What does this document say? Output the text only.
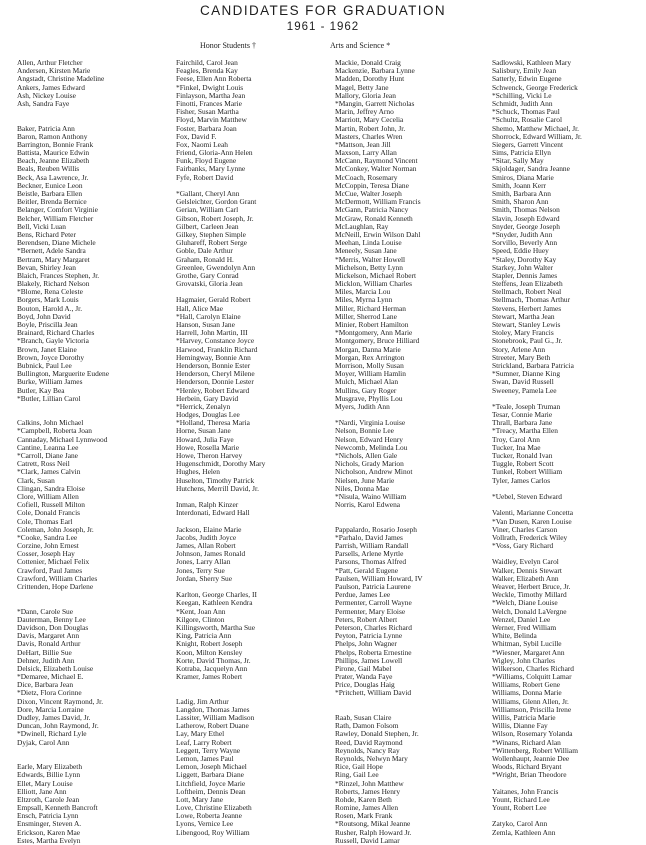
CANDIDATES FOR GRADUATION
1961 - 1962
Honor Students †	Arts and Science *
Allen, Arthur Fletcher
Andersen, Kirsten Marie
Angstadt, Christine Madeline
Ankers, James Edward
Ash, Nickey Louise
Ash, Sandra Faye
Baker, Patricia Ann
Baron, Ramon Anthony
Barrington, Bonnie Frank
Battista, Maurice Edwin
Beach, Jeanne Elizabeth
Beals, Reuben Willis
Beck, Asa Lawrence, Jr.
Beckner, Eunice Leon
Beistle, Barbara Ellen
Beitler, Brenda Bernice
Belanger, Comfort Virginie
Belcher, William Fletcher
Bell, Vicki Luan
Bens, Richard Peter
Berendsen, Diane Michele
*Bernett, Adele Sandra
Bertram, Mary Margaret
Bevan, Shirley Jean
Blaich, Frances Stephen, Jr.
Blakely, Richard Nelson
*Blome, Rena Celeste
Borgers, Mark Louis
Bouton, Harold A., Jr.
Boyd, John David
Boyle, Priscilla Jean
Brainard, Richard Charles
*Branch, Gayle Victoria
Brown, Janet Elaine
Brown, Joyce Dorothy
Bubnick, Paul Lee
Bullington, Marguerite Eudene
Burke, William James
Butler, Kay Bea
*Butler, Lillian Carol
Calkins, John Michael
*Campbell, Roberta Joan
Cannaday, Michael Lynnwood
Cantine, Leanna Lee
*Carroll, Diane Jane
Catrett, Ross Neil
*Clark, James Calvin
Clark, Susan
Clingan, Sandra Eloise
Clore, William Allen
Cofiell, Russell Milton
Cole, Donald Francis
Cole, Thomas Earl
Coleman, John Joseph, Jr.
*Cooke, Sandra Lee
Corzine, John Ernest
Cosser, Joseph Hay
Cottenier, Michael Felix
Crawford, Paul James
Crawford, William Charles
Crittenden, Hope Darlene
*Dann, Carole Sue
Dauterman, Benny Lee
Davidson, Don Douglas
Davis, Margaret Ann
Davis, Ronald Arthur
DeHart, Billie Sue
Dehner, Judith Ann
Delsick, Elizabeth Louise
*Demaree, Michael E.
Dice, Barbara Jean
*Dietz, Flora Corinne
Dixon, Vincent Raymond, Jr.
Dore, Marcia Lorraine
Dudley, James David, Jr.
Duncan, John Raymond, Jr.
*Dwinell, Richard Lyle
Dyjak, Carol Ann
Earle, Mary Elizabeth
Edwards, Billie Lynn
Ellet, Mary Louise
Elliott, Jane Ann
Eltzroth, Carole Jean
Empsall, Kenneth Bancroft
Ensch, Patricia Lynn
Ensminger, Steven A.
Erickson, Karen Mae
Estes, Martha Evelyn
Fairchild, Carol Jean
Feagles, Brenda Kay
Feese, Ellen Ann Roberta
*Finkel, Dwight Louis
Finlayson, Martha Jean
Finotti, Frances Marie
Fisher, Susan Martha
Floyd, Marvin Matthew
Foster, Barbara Joan
Fox, David F.
Fox, Naomi Leah
Friend, Gloria-Ann Helen
Funk, Floyd Eugene
Fairbanks, Mary Lynne
Fyfe, Robert David
*Gallant, Cheryl Ann
Gelsleichter, Gordon Grant
Gerian, William Carl
Gibson, Robert Joseph, Jr.
Gilbert, Carleen Jean
Gilkey, Stephen Simple
Gluhareff, Robert Serge
Goble, Dale Arthur
Graham, Ronald H.
Greenlee, Gwendolyn Ann
Grothe, Gary Conrad
Grovatski, Gloria Jean
Hagmaier, Gerald Robert
Hall, Alice Mae
*Hall, Carolyn Elaine
Hanson, Susan Jane
Harrell, John Martin, III
*Harvey, Constance Joyce
Harwood, Franklin Richard
Hemingway, Bonnie Ann
Henderson, Bonnie Ester
Henderson, Cheryl Milene
Henderson, Donnie Lester
*Henley, Robert Edward
Herbein, Gary David
*Herrick, Zenalyn
Hodges, Douglas Lee
*Holland, Theresa Maria
Horne, Susan Jane
Howard, Julia Faye
Howe, Rosella Marie
Howe, Theron Harvey
Hugenschmidt, Dorothy Mary
Hughes, Helen
Huselton, Timothy Patrick
Hutchens, Merrill David, Jr.
Inman, Ralph Kinzer
Interdonati, Edward Hall
Jackson, Elaine Marie
Jacobs, Judith Joyce
James, Allan Robert
Johnson, James Ronald
Jones, Larry Allan
Jones, Terry Sue
Jordan, Sherry Sue
Karlton, George Charles, II
Keegan, Kathleen Kendra
*Kent, Joan Ann
Kilgore, Clinton
Killingsworth, Martha Sue
King, Patricia Ann
Knight, Robert Joseph
Koon, Milton Kensley
Korte, David Thomas, Jr.
Kotraba, Jacquelyn Ann
Kramer, James Robert
Ladig, Jim Arthur
Langdon, Thomas James
Lassiter, William Madison
Latherow, Robert Duane
Lay, Mary Ethel
Leaf, Larry Robert
Leggett, Terry Wayne
Lemon, James Paul
Lemon, Joseph Michael
Liggett, Barbara Diane
Litchfield, Joyce Marie
Loftheim, Dennis Dean
Lott, Mary Jane
Love, Christine Elizabeth
Lowe, Roberta Jeanne
Lyons, Vernice Lee
Libengood, Roy William
Mackie, Donald Craig
Mackenzie, Barbara Lynne
Madden, Dorothy Hunt
Magel, Betty Jane
Mallory, Gloria Jean
*Mangin, Garrett Nicholas
Marin, Jeffrey Arno
Marriott, Mary Cecelia
Martin, Robert John, Jr.
Masters, Charles Wren
*Mattson, Jean Jill
Maxson, Larry Allan
McCann, Raymond Vincent
McConkey, Walter Norman
McCoach, Rosemary
McCoppin, Teresa Diane
McCue, Walter Joseph
McDermott, William Francis
McGann, Patricia Nancy
McGraw, Ronald Kenneth
McLaughlan, Ray
McNeill, Erwin Wilson Dahl
Meehan, Linda Louise
Meneely, Susan Jane
*Merris, Walter Howell
Michelson, Betty Lynn
Mickelson, Michael Robert
Micklon, William Charles
Miles, Marcia Lou
Miles, Myrna Lynn
Miller, Richard Herman
Miller, Sherrod Lane
Minier, Robert Hamilton
*Montgomery, Ann Marie
Montgomery, Bruce Hilliard
Morgan, Danna Marie
Morgan, Rex Arrington
Morrison, Molly Susan
Moyer, William Hamlin
Mulch, Michael Alan
Mullins, Gary Roger
Musgrave, Phyllis Lou
Myers, Judith Ann
*Nardi, Virginia Louise
Nelson, Bonnie Lee
Nelson, Edward Henry
Newcomb, Melinda Lou
*Nichols, Allen Gale
Nichols, Grady Marion
Nicholson, Andrew Minot
Nielsen, June Marie
Niles, Donna Mae
*Nisula, Waino William
Norris, Karol Edwena
Pappalardo, Rosario Joseph
*Parhalo, David James
Parrish, William Randall
Parsells, Arlene Myrtle
Parsons, Thomas Alfred
*Patt, Gerald Eugene
Paulsen, William Howard, IV
Paulson, Patricia Laurene
Perdue, James Lee
Permenter, Carroll Wayne
Permenter, Mary Eloise
Peters, Robert Albert
Peterson, Charles Richard
Peyton, Patricia Lynne
Phelps, John Wagner
Phelps, Roberta Ernestine
Phillips, James Lowell
Pirone, Gail Mabel
Prater, Wanda Faye
Price, Douglas Haig
*Pritchett, William David
Raab, Susan Claire
Rath, Damon Folsom
Rawley, Donald Stephen, Jr.
Reed, David Raymond
Reynolds, Nancy Ray
Reynolds, Nelwyn Mary
Rice, Gail Hope
Ring, Gail Lee
*Rinzel, John Matthew
Roberts, James Henry
Rohde, Karen Beth
Romine, James Allen
Rosen, Mark Frank
*Routsong, Mikal Jeanne
Rusher, Ralph Howard Jr.
Russell, David Lamar
Sadlowski, Kathleen Mary
Salisbury, Emily Jean
Satterly, Edwin Eugene
Schwenck, George Frederick
*Schilling, Vicki Le
Schmidt, Judith Ann
*Schuck, Thomas Paul
*Schultz, Rosalie Carol
Shemo, Matthew Michael, Jr.
Shorrock, Edward William, Jr.
Siegers, Garrett Vincent
Sims, Patricia Ellyn
*Sitar, Sally May
Skjoldager, Sandra Jeanne
Smiros, Diana Marie
Smith, Joann Kerr
Smith, Barbara Ann
Smith, Sharon Ann
Smith, Thomas Nelson
Slavin, Joseph Edward
Snyder, George Joseph
*Snyder, Judith Ann
Sorvillo, Beverly Ann
Speed, Eddie Huey
*Staley, Dorothy Kay
Starkey, John Walter
Stapler, Dennis James
Steffens, Jean Elizabeth
Stellmach, Robert Neal
Stellmach, Thomas Arthur
Stevens, Herbert James
Stewart, Martha Jean
Stewart, Stanley Lewis
Stoley, Mary Francis
Stonebrook, Paul G., Jr.
Story, Arlene Ann
Streeter, Mary Beth
Strickland, Barbara Patricia
*Sumner, Dianne King
Swan, David Russell
Sweeney, Pamela Lee
*Teale, Joseph Truman
Tesar, Connie Marie
Thrall, Barbara Jane
*Treacy, Martha Ellen
Troy, Carol Ann
Tucker, Ina Mae
Tucker, Ronald Ivan
Tuggle, Robert Scott
Tunkel, Robert William
Tyler, James Carlos
*Uebel, Steven Edward
Valenti, Marianne Concetta
*Van Dusen, Karen Louise
Viner, Charles Carson
Vollrath, Frederick Wiley
*Voss, Gary Richard
Waidley, Evelyn Carol
Walker, Dennis Stewart
Walker, Elizabeth Ann
Weaver, Herbert Bruce, Jr.
Weckle, Timothy Millard
*Welch, Diane Louise
Welch, Donald LaVergne
Wenzel, Daniel Lee
Werner, Fred William
White, Belinda
Whitman, Sybil Lucille
*Wiesner, Margaret Ann
Wigley, John Charles
Wilkerson, Charles Richard
*Williams, Colquitt Lamar
Williams, Robert Gene
Williams, Donna Marie
Williams, Glenn Allen, Jr.
Williamson, Priscilla Irene
Willis, Patricia Marie
Willis, Dianne Fay
Wilson, Rosemary Yolanda
*Winans, Richard Alan
*Wittenberg, Robert William
Wollenhaupt, Jeannie Dee
Woods, Richard Bryant
*Wright, Brian Theodore
Yaitanes, John Francis
Yount, Richard Lee
Yount, Robert Lee
Zatyko, Carol Ann
Zemla, Kathleen Ann
